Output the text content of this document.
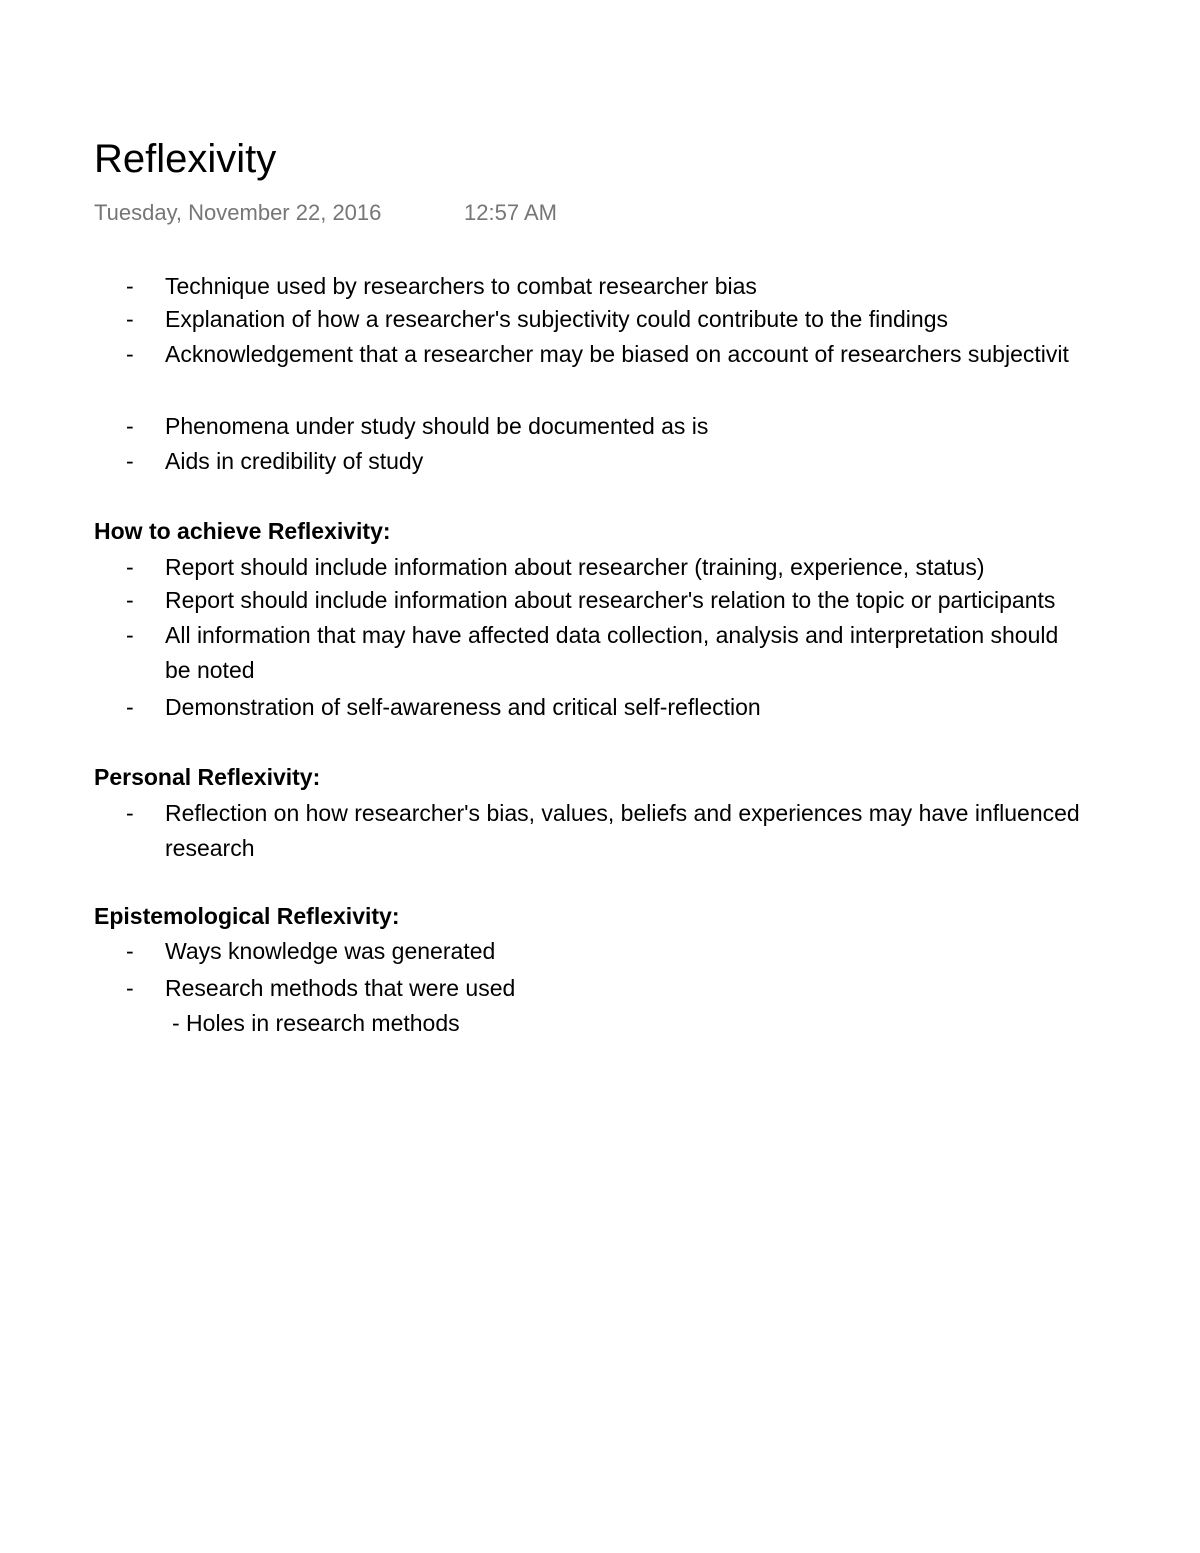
Reflexivity
Tuesday, November 22, 2016	12:57 AM
-	Technique used by researchers to combat researcher bias
-	Explanation of how a researcher's subjectivity could contribute to the findings
-	Acknowledgement that a researcher may be biased on account of researchers subjectivit
-	Phenomena under study should be documented as is
-	Aids in credibility of study
How to achieve Reflexivity:
-	Report should include information about researcher (training, experience, status)
-	Report should include information about researcher's relation to the topic or participants
-	All information that may have affected data collection, analysis and interpretation should
be noted
-	Demonstration of self-awareness and critical self-reflection
Personal Reflexivity:
-	Reflection on how researcher's bias, values, beliefs and experiences may have influenced
research
Epistemological Reflexivity:
-	Ways knowledge was generated
-	Research methods that were used
- Holes in research methods
